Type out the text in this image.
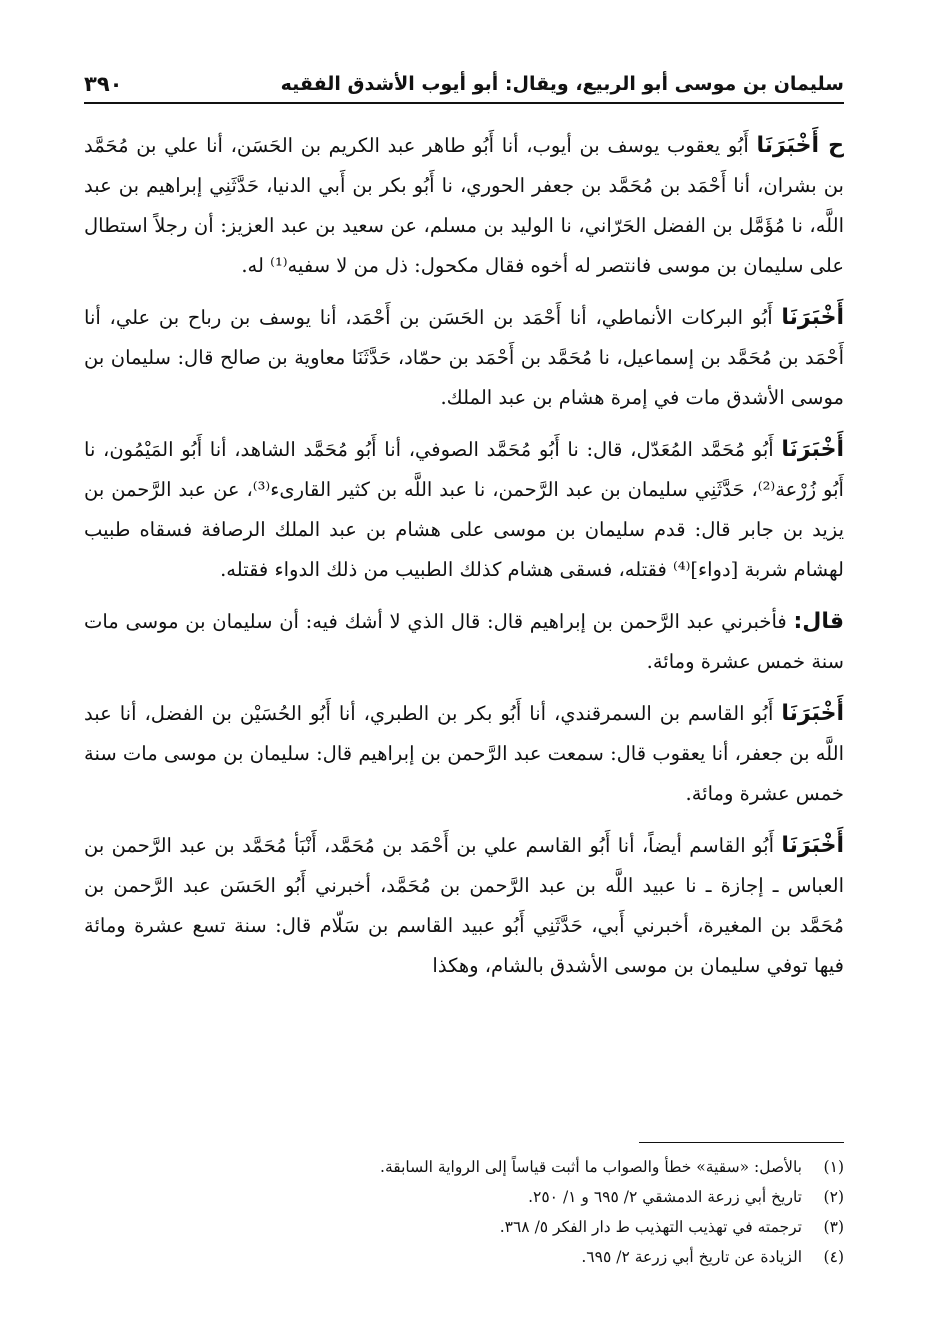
سليمان بن موسى أبو الربيع، ويقال: أبو أيوب الأشدق الفقيه
٣٩٠

ح أَخْبَرَنَا أَبُو يعقوب يوسف بن أيوب، أنا أَبُو طاهر عبد الكريم بن الحَسَن، أنا علي بن مُحَمَّد بن بشران، أنا أَحْمَد بن مُحَمَّد بن جعفر الحوري، نا أَبُو بكر بن أَبي الدنيا، حَدَّثَنِي إبراهيم بن عبد اللَّه، نا مُؤَمَّل بن الفضل الحَرّاني، نا الوليد بن مسلم، عن سعيد بن عبد العزيز: أن رجلاً استطال على سليمان بن موسى فانتصر له أخوه فقال مكحول: ذل من لا سفيه⁽¹⁾ له.

أَخْبَرَنَا أَبُو البركات الأنماطي، أنا أَحْمَد بن الحَسَن بن أَحْمَد، أنا يوسف بن رباح بن علي، أنا أَحْمَد بن مُحَمَّد بن إسماعيل، نا مُحَمَّد بن أَحْمَد بن حمّاد، حَدَّثَنَا معاوية بن صالح قال: سليمان بن موسى الأشدق مات في إمرة هشام بن عبد الملك.

أَخْبَرَنَا أَبُو مُحَمَّد المُعَدّل، قال: نا أَبُو مُحَمَّد الصوفي، أنا أَبُو مُحَمَّد الشاهد، أنا أَبُو المَيْمُون، نا أَبُو زُرْعة⁽²⁾، حَدَّثَنِي سليمان بن عبد الرَّحمن، نا عبد اللَّه بن كثير القارىء⁽³⁾، عن عبد الرَّحمن بن يزيد بن جابر قال: قدم سليمان بن موسى على هشام بن عبد الملك الرصافة فسقاه طبيب لهشام شربة [دواء]⁽⁴⁾ فقتله، فسقى هشام كذلك الطبيب من ذلك الدواء فقتله.

قال: فأخبرني عبد الرَّحمن بن إبراهيم قال: قال الذي لا أشك فيه: أن سليمان بن موسى مات سنة خمس عشرة ومائة.

أَخْبَرَنَا أَبُو القاسم بن السمرقندي، أنا أَبُو بكر بن الطبري، أنا أَبُو الحُسَيْن بن الفضل، أنا عبد اللَّه بن جعفر، أنا يعقوب قال: سمعت عبد الرَّحمن بن إبراهيم قال: سليمان بن موسى مات سنة خمس عشرة ومائة.

أَخْبَرَنَا أَبُو القاسم أيضاً، أنا أَبُو القاسم علي بن أَحْمَد بن مُحَمَّد، أَنْبَأ مُحَمَّد بن عبد الرَّحمن بن العباس ـ إجازة ـ نا عبيد اللَّه بن عبد الرَّحمن بن مُحَمَّد، أخبرني أَبُو الحَسَن عبد الرَّحمن بن مُحَمَّد بن المغيرة، أخبرني أَبي، حَدَّثَنِي أَبُو عبيد القاسم بن سَلّام قال: سنة تسع عشرة ومائة فيها توفي سليمان بن موسى الأشدق بالشام، وهكذا

(١)
بالأصل: «سقية» خطأ والصواب ما أثبت قياساً إلى الرواية السابقة.
(٢)
تاريخ أبي زرعة الدمشقي ٢/ ٦٩٥ و ١/ ٢٥٠.
(٣)
ترجمته في تهذيب التهذيب ط دار الفكر ٥/ ٣٦٨.
(٤)
الزيادة عن تاريخ أبي زرعة ٢/ ٦٩٥.
